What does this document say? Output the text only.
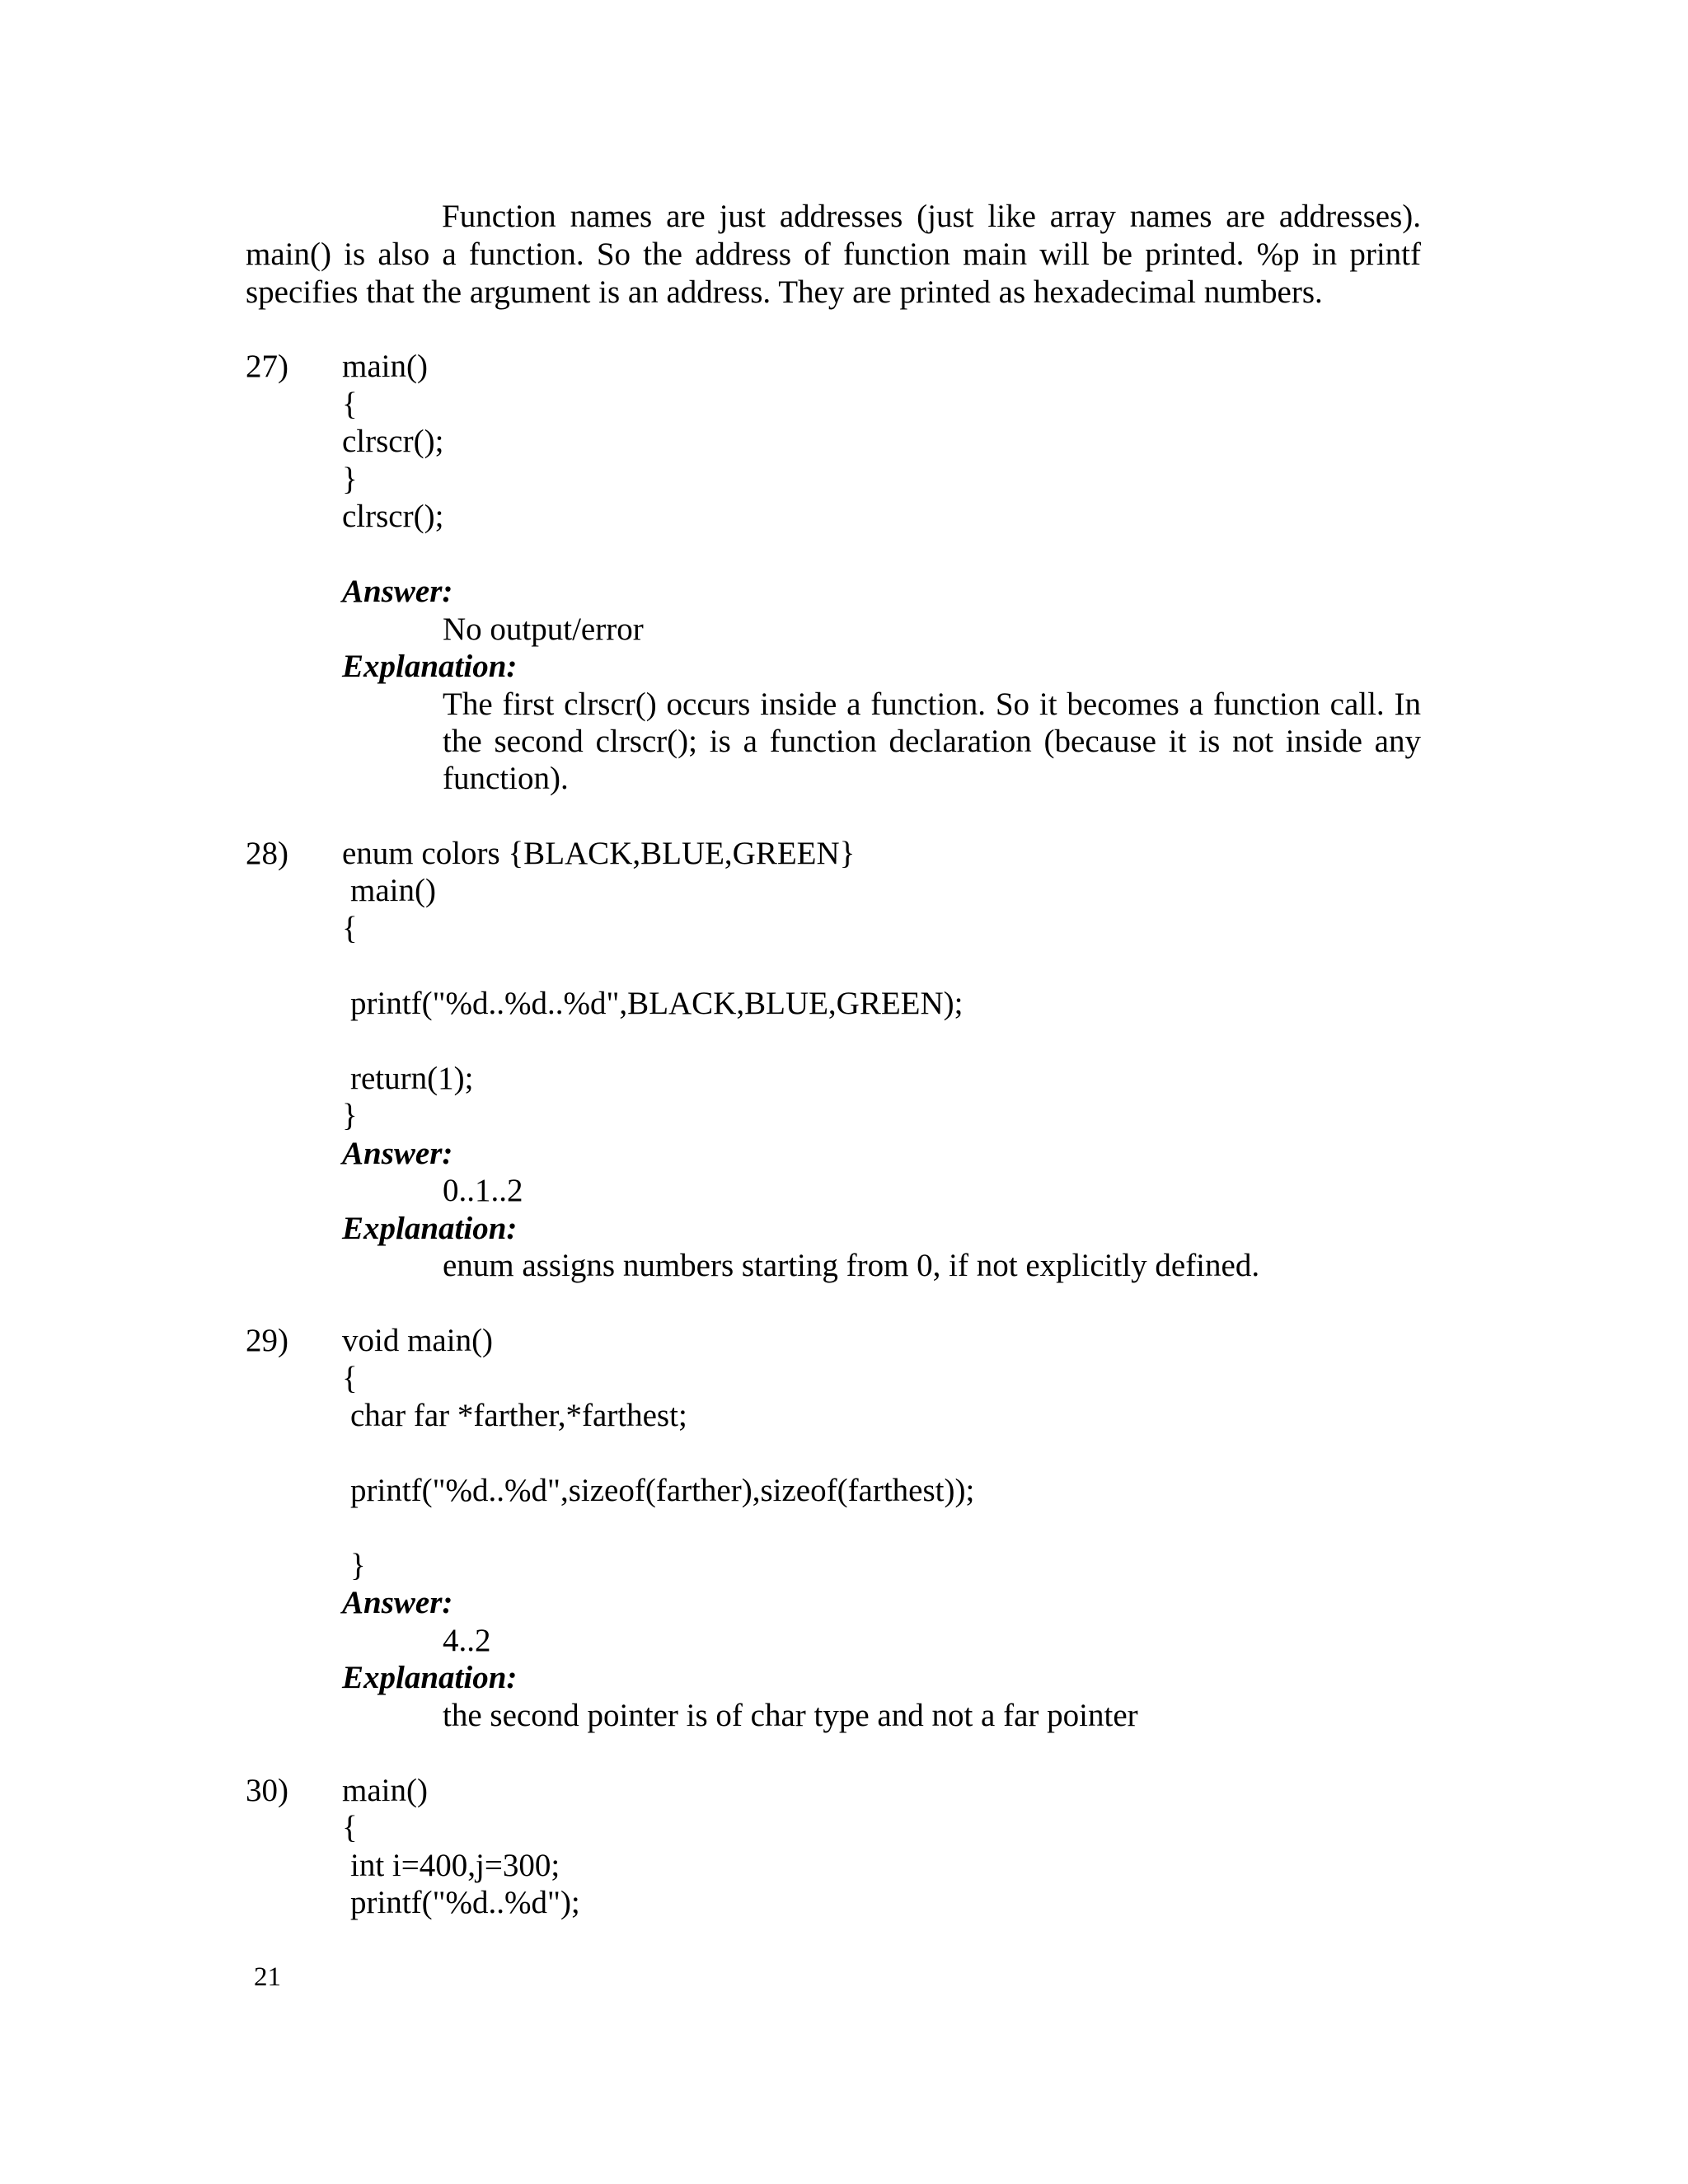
Function names are just addresses (just like array names are addresses).
main() is also a function. So the address of function main will be printed. %p in printf
specifies that the argument is an address. They are printed as hexadecimal numbers.
27) main()
{
clrscr();
}
clrscr();
Answer:
No output/error
Explanation:
The first clrscr() occurs inside a function. So it becomes a function call. In
the second clrscr(); is a function declaration (because it is not inside any
function).
28) enum colors {BLACK,BLUE,GREEN}
main()
{
printf("%d..%d..%d",BLACK,BLUE,GREEN);
return(1);
}
Answer:
0..1..2
Explanation:
enum assigns numbers starting from 0, if not explicitly defined.
29) void main()
{
char far *farther,*farthest;
printf("%d..%d",sizeof(farther),sizeof(farthest));
}
Answer:
4..2
Explanation:
the second pointer is of char type and not a far pointer
30) main()
{
int i=400,j=300;
printf("%d..%d");
21
